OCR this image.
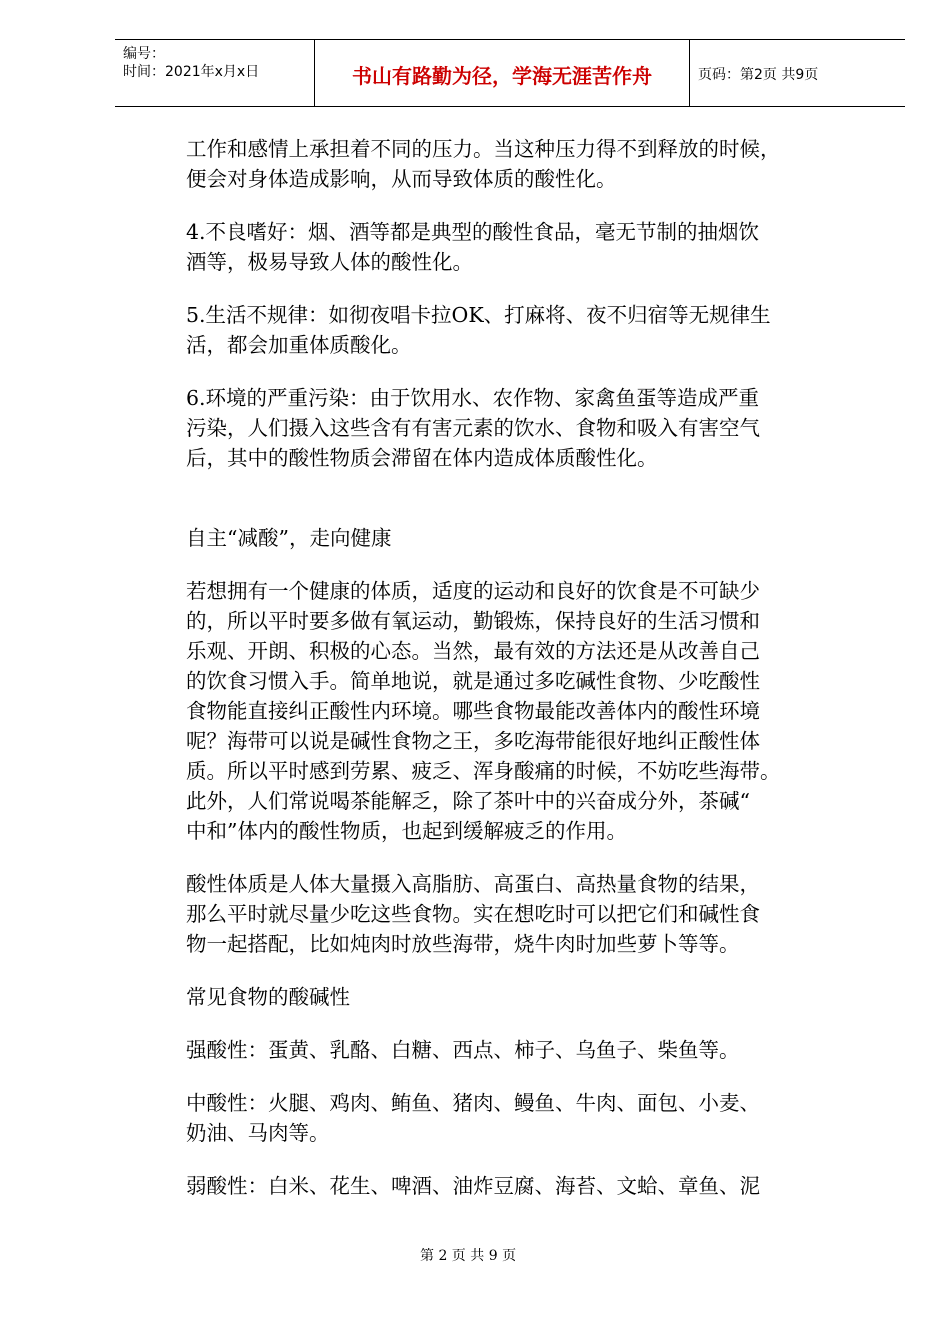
编号：
时间：2021年x月x日	书山有路勤为径，学海无涯苦作舟	页码：第2页 共9页

工作和感情上承担着不同的压力。当这种压力得不到释放的时候，

便会对身体造成影响，从而导致体质的酸性化。

4.不良嗜好：烟、酒等都是典型的酸性食品，毫无节制的抽烟饮

酒等，极易导致人体的酸性化。

5.生活不规律：如彻夜唱卡拉OK、打麻将、夜不归宿等无规律生

活，都会加重体质酸化。

6.环境的严重污染：由于饮用水、农作物、家禽鱼蛋等造成严重

污染，人们摄入这些含有有害元素的饮水、食物和吸入有害空气

后，其中的酸性物质会滞留在体内造成体质酸性化。

自主“减酸”，走向健康

若想拥有一个健康的体质，适度的运动和良好的饮食是不可缺少

的，所以平时要多做有氧运动，勤锻炼，保持良好的生活习惯和

乐观、开朗、积极的心态。当然，最有效的方法还是从改善自己

的饮食习惯入手。简单地说，就是通过多吃碱性食物、少吃酸性

食物能直接纠正酸性内环境。哪些食物最能改善体内的酸性环境

呢？海带可以说是碱性食物之王，多吃海带能很好地纠正酸性体

质。所以平时感到劳累、疲乏、浑身酸痛的时候，不妨吃些海带。

此外，人们常说喝茶能解乏，除了茶叶中的兴奋成分外，茶碱“

中和”体内的酸性物质，也起到缓解疲乏的作用。

酸性体质是人体大量摄入高脂肪、高蛋白、高热量食物的结果，

那么平时就尽量少吃这些食物。实在想吃时可以把它们和碱性食

物一起搭配，比如炖肉时放些海带，烧牛肉时加些萝卜等等。

常见食物的酸碱性

强酸性：蛋黄、乳酪、白糖、西点、柿子、乌鱼子、柴鱼等。

中酸性：火腿、鸡肉、鲔鱼、猪肉、鳗鱼、牛肉、面包、小麦、

奶油、马肉等。

弱酸性：白米、花生、啤酒、油炸豆腐、海苔、文蛤、章鱼、泥

第 2 页 共 9 页
